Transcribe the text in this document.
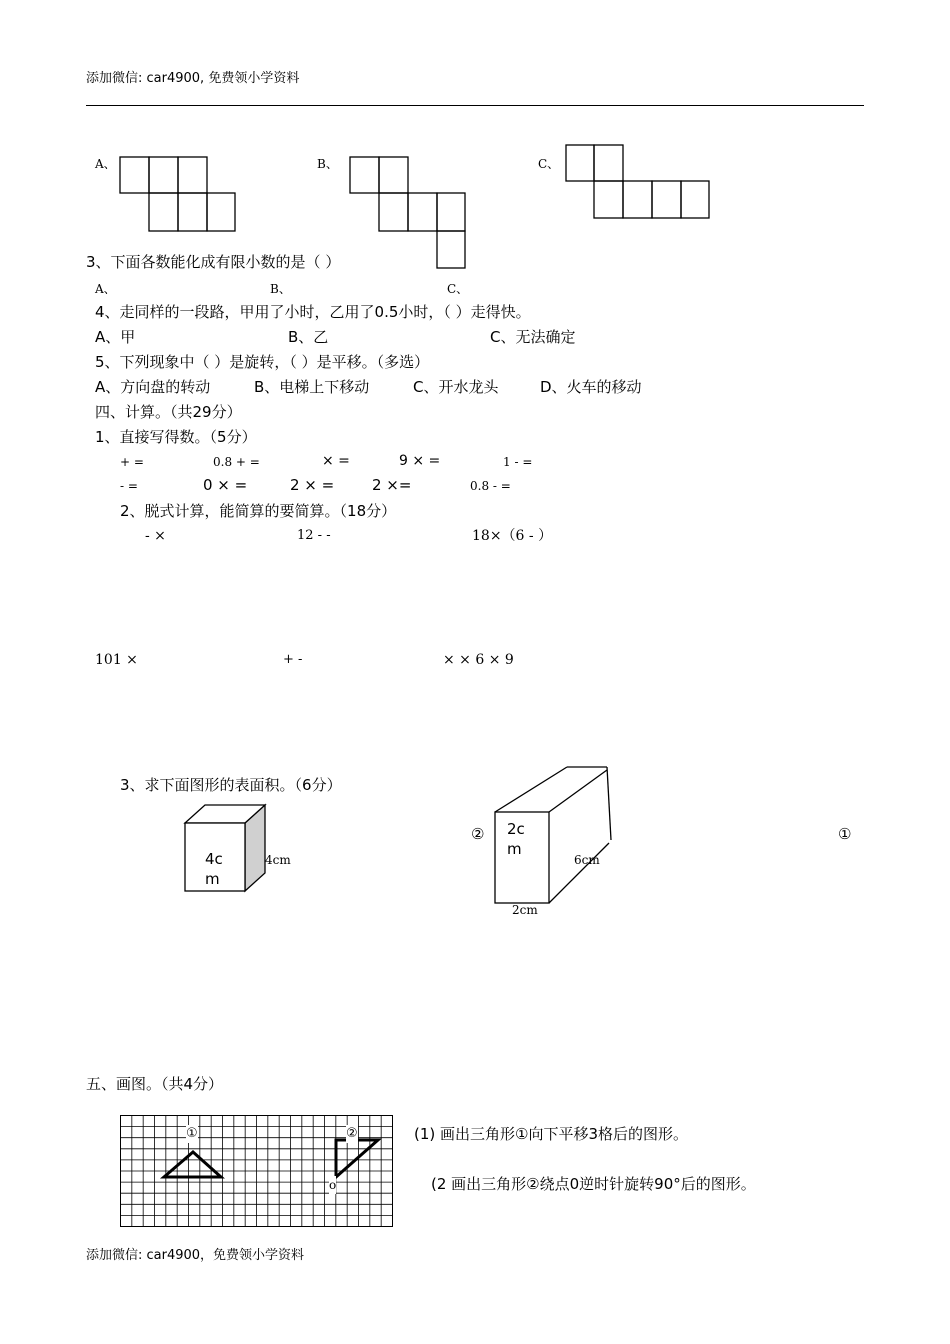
添加微信: car4900, 免费领小学资料
A、	B、	C、
3、下面各数能化成有限小数的是（ ）
A、	B、	C、
4、走同样的一段路，甲用了小时，乙用了0.5小时，（ ）走得快。
A、甲	B、乙	C、无法确定
5、下列现象中（ ）是旋转，（ ）是平移。（多选）
A、方向盘的转动	B、电梯上下移动	C、开水龙头	D、火车的移动
四、计算。（共29分）
1、直接写得数。（5分）
+ =	0.8 + =	× =	9 × =	1 - =
- =	0 × =	2 × =	2 ×=	0.8 - =
2、脱式计算，能简算的要简算。（18分）
- ×	12 - -	18×（6 - ）
101 ×	+ -	× × 6 × 9
3、求下面图形的表面积。（6分）
4c
m
4cm
② 2c
m
6cm
2cm
①
五、画图。（共4分）
①	②
o
(1) 画出三角形①向下平移3格后的图形。
(2 画出三角形②绕点0逆时针旋转90°后的图形。
添加微信: car4900，免费领小学资料
